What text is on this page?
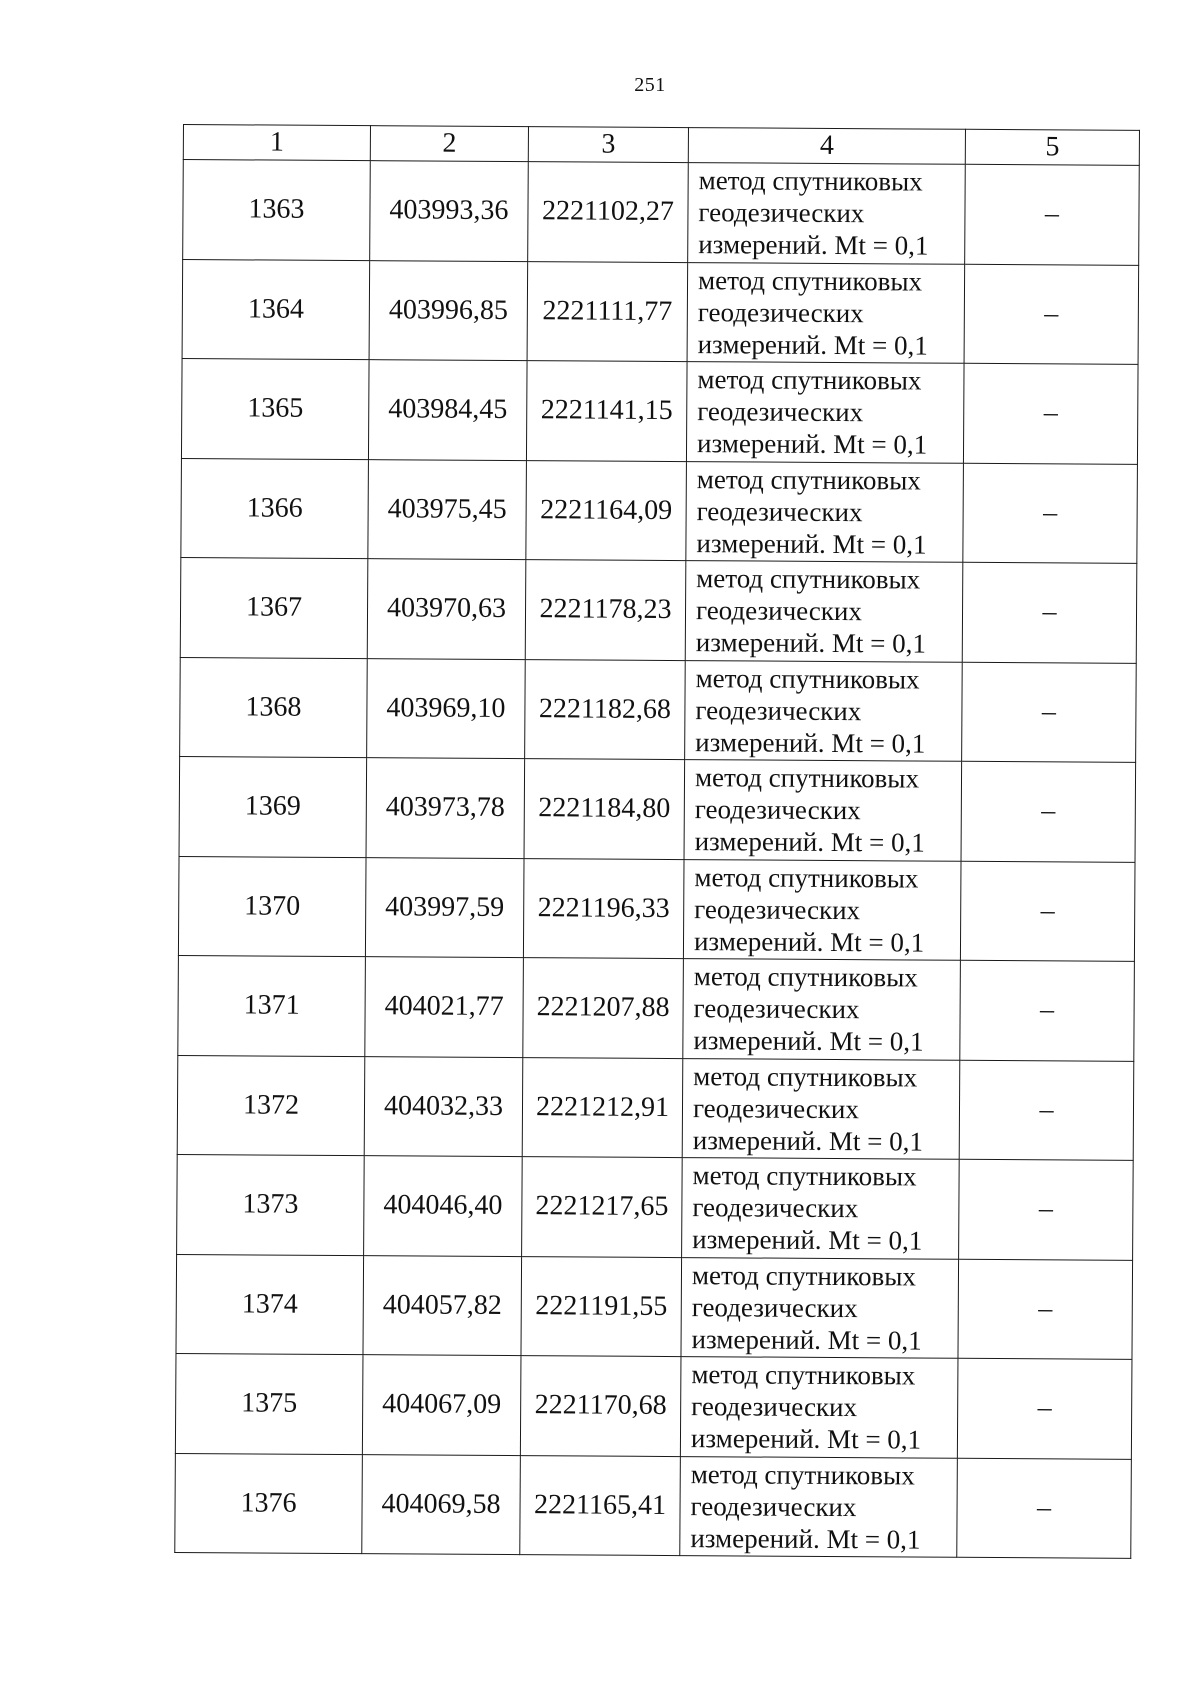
251
1	2	3	4	5
1363	403993,36	2221102,27	метод спутниковых
геодезических
измерений. Mt = 0,1	–
1364	403996,85	2221111,77	метод спутниковых
геодезических
измерений. Mt = 0,1	–
1365	403984,45	2221141,15	метод спутниковых
геодезических
измерений. Mt = 0,1	–
1366	403975,45	2221164,09	метод спутниковых
геодезических
измерений. Mt = 0,1	–
1367	403970,63	2221178,23	метод спутниковых
геодезических
измерений. Mt = 0,1	–
1368	403969,10	2221182,68	метод спутниковых
геодезических
измерений. Mt = 0,1	–
1369	403973,78	2221184,80	метод спутниковых
геодезических
измерений. Mt = 0,1	–
1370	403997,59	2221196,33	метод спутниковых
геодезических
измерений. Mt = 0,1	–
1371	404021,77	2221207,88	метод спутниковых
геодезических
измерений. Mt = 0,1	–
1372	404032,33	2221212,91	метод спутниковых
геодезических
измерений. Mt = 0,1	–
1373	404046,40	2221217,65	метод спутниковых
геодезических
измерений. Mt = 0,1	–
1374	404057,82	2221191,55	метод спутниковых
геодезических
измерений. Mt = 0,1	–
1375	404067,09	2221170,68	метод спутниковых
геодезических
измерений. Mt = 0,1	–
1376	404069,58	2221165,41	метод спутниковых
геодезических
измерений. Mt = 0,1	–
